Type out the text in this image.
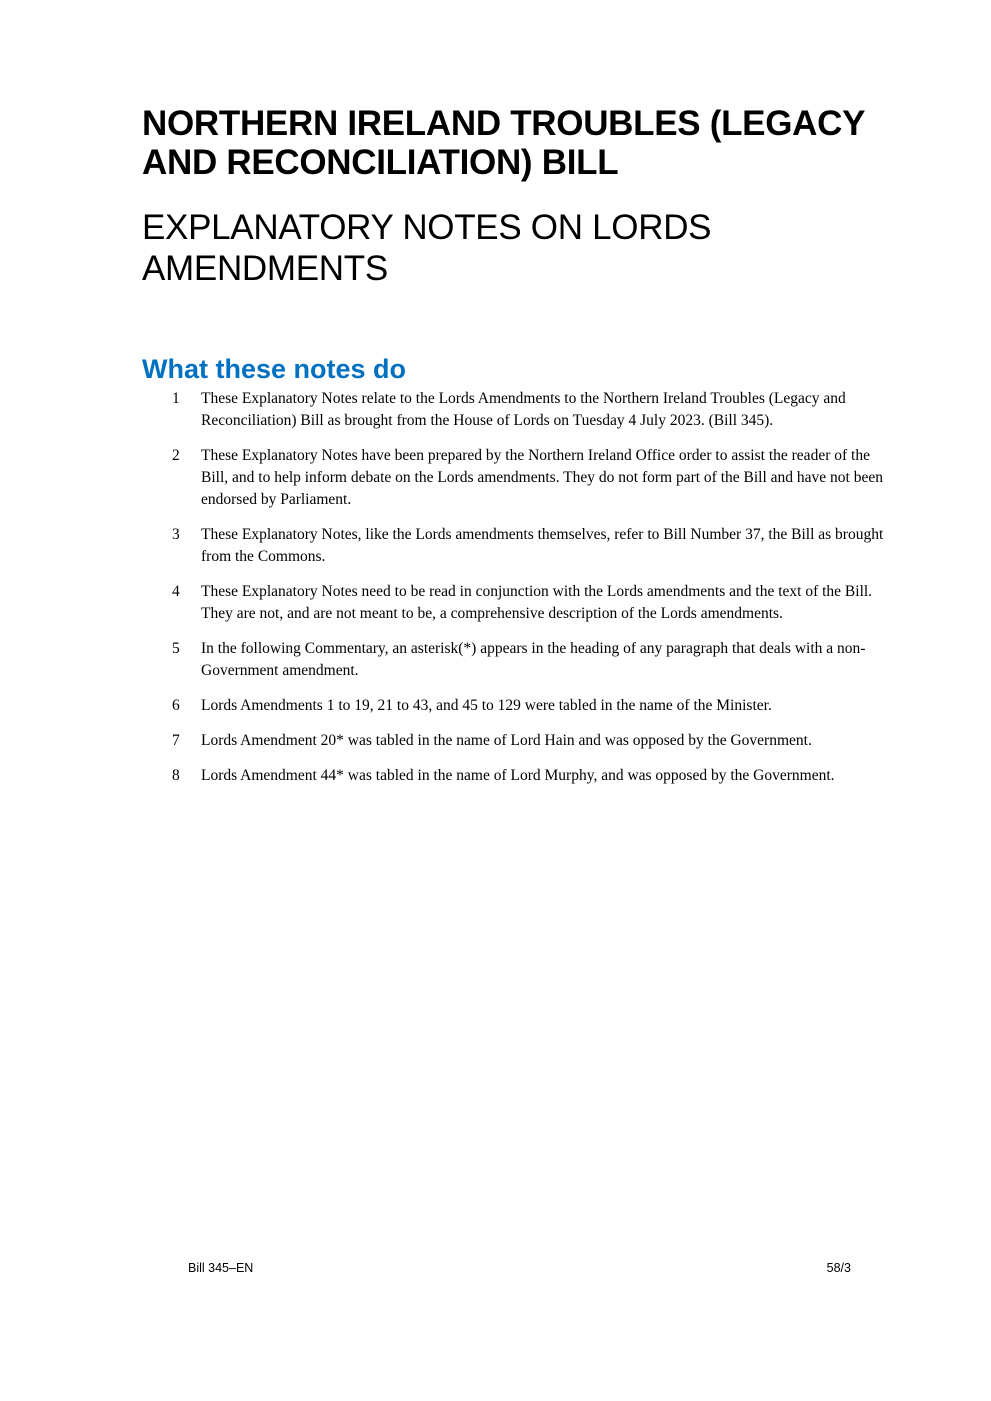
NORTHERN IRELAND TROUBLES (LEGACY AND RECONCILIATION) BILL
EXPLANATORY NOTES ON LORDS AMENDMENTS
What these notes do
1	These Explanatory Notes relate to the Lords Amendments to the Northern Ireland Troubles (Legacy and Reconciliation) Bill as brought from the House of Lords on Tuesday 4 July 2023. (Bill 345).
2	These Explanatory Notes have been prepared by the Northern Ireland Office order to assist the reader of the Bill, and to help inform debate on the Lords amendments. They do not form part of the Bill and have not been endorsed by Parliament.
3	These Explanatory Notes, like the Lords amendments themselves, refer to Bill Number 37, the Bill as brought from the Commons.
4	These Explanatory Notes need to be read in conjunction with the Lords amendments and the text of the Bill. They are not, and are not meant to be, a comprehensive description of the Lords amendments.
5	In the following Commentary, an asterisk(*) appears in the heading of any paragraph that deals with a non-Government amendment.
6	Lords Amendments 1 to 19, 21 to 43, and 45 to 129 were tabled in the name of the Minister.
7	Lords Amendment 20* was tabled in the name of Lord Hain and was opposed by the Government.
8	Lords Amendment 44* was tabled in the name of Lord Murphy, and was opposed by the Government.
Bill 345–EN	58/3
